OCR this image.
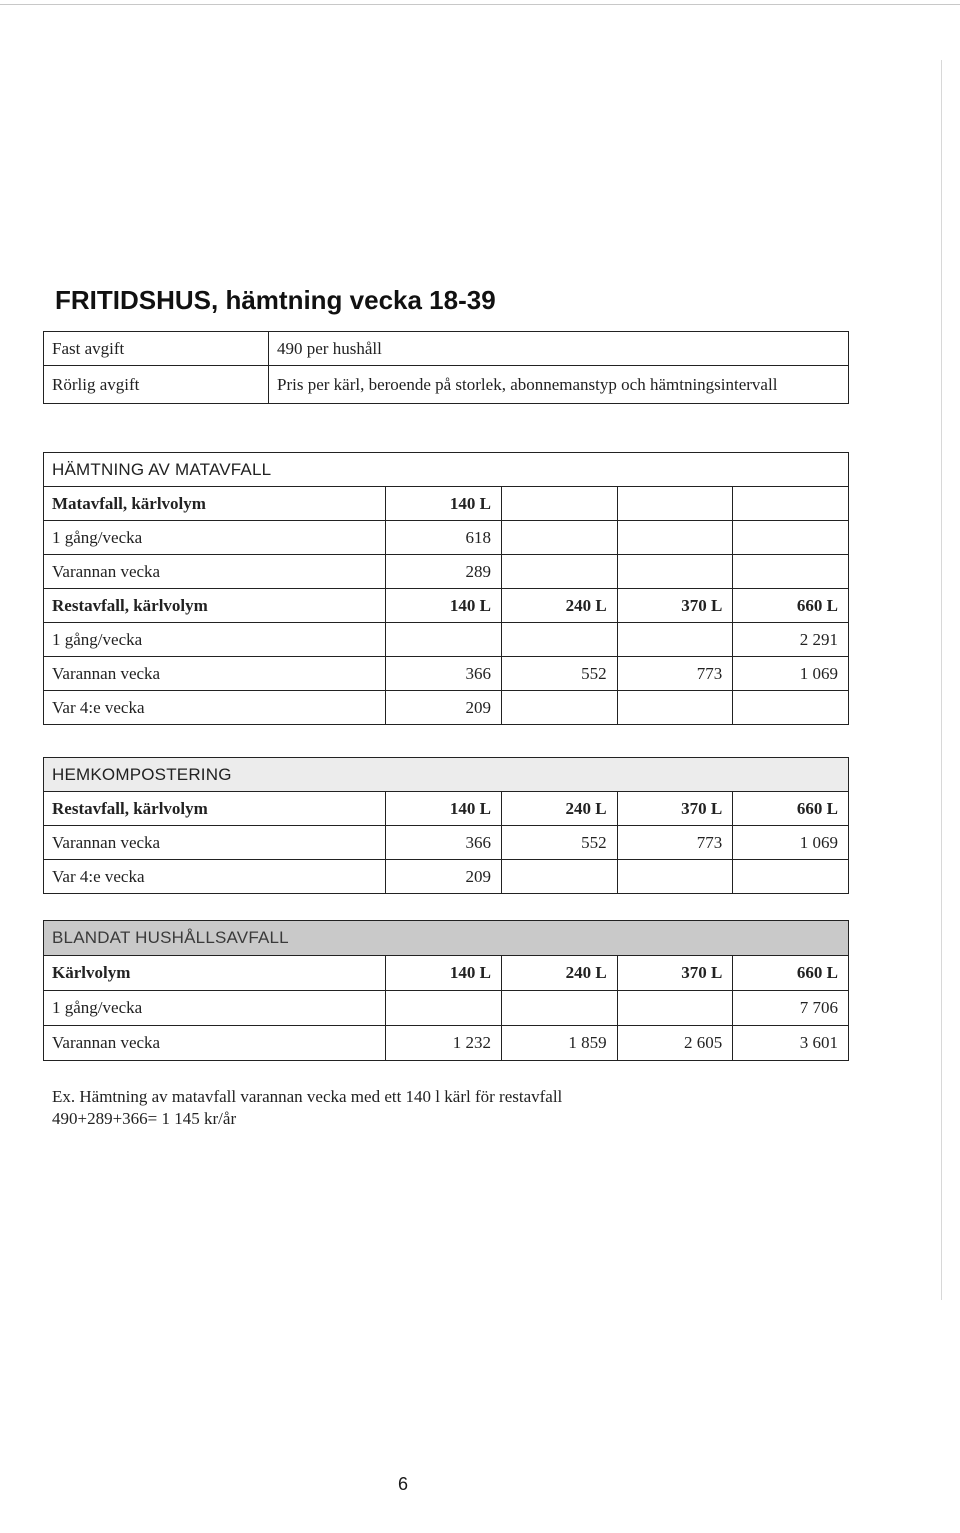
FRITIDSHUS, hämtning vecka 18-39
Fast avgift	490 per hushåll
Rörlig avgift	Pris per kärl, beroende på storlek, abonnemanstyp och hämtningsintervall
HÄMTNING AV MATAVFALL				
Matavfall, kärlvolym	140 L			
1 gång/vecka	618			
Varannan vecka	289			
Restavfall, kärlvolym	140 L	240 L	370 L	660 L
1 gång/vecka				2 291
Varannan vecka	366	552	773	1 069
Var 4:e vecka	209			
HEMKOMPOSTERING				
Restavfall, kärlvolym	140 L	240 L	370 L	660 L
Varannan vecka	366	552	773	1 069
Var 4:e vecka	209			
BLANDAT HUSHÅLLSAVFALL				
Kärlvolym	140 L	240 L	370 L	660 L
1 gång/vecka				7 706
Varannan vecka	1 232	1 859	2 605	3 601
Ex. Hämtning av matavfall varannan vecka med ett 140 l kärl för restavfall
490+289+366= 1 145 kr/år
6
